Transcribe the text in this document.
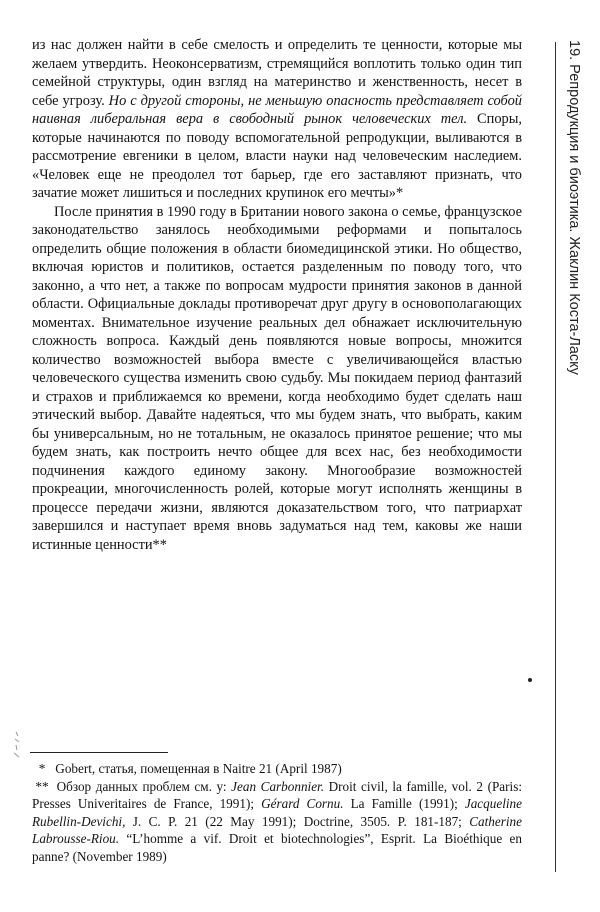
19. Репродукция и биоэтика. Жаклин Коста-Ласку

из нас должен найти в себе смелость и определить те ценности, которые мы желаем утвердить. Неоконсерватизм, стремящийся воплотить только один тип семейной структуры, один взгляд на материнство и женственность, несет в себе угрозу. Но с другой стороны, не меньшую опасность представляет собой наивная либеральная вера в свободный рынок человеческих тел. Споры, которые начинаются по поводу вспомогательной репродукции, выливаются в рассмотрение евгеники в целом, власти науки над человеческим наследием. «Человек еще не преодолел тот барьер, где его заставляют признать, что зачатие может лишиться и последних крупинок его мечты»*

После принятия в 1990 году в Британии нового закона о семье, французское законодательство занялось необходимыми реформами и попыталось определить общие положения в области биомедицинской этики. Но общество, включая юристов и политиков, остается разделенным по поводу того, что законно, а что нет, а также по вопросам мудрости принятия законов в данной области. Официальные доклады противоречат друг другу в основополагающих моментах. Внимательное изучение реальных дел обнажает исключительную сложность вопроса. Каждый день появляются новые вопросы, множится количество возможностей выбора вместе с увеличивающейся властью человеческого существа изменить свою судьбу. Мы покидаем период фантазий и страхов и приближаемся ко времени, когда необходимо будет сделать наш этический выбор. Давайте надеяться, что мы будем знать, что выбрать, каким бы универсальным, но не тотальным, не оказалось принятое решение; что мы будем знать, как построить нечто общее для всех нас, без необходимости подчинения каждого единому закону. Многообразие возможностей прокреации, многочисленность ролей, которые могут исполнять женщины в процессе передачи жизни, являются доказательством того, что патриархат завершился и наступает время вновь задуматься над тем, каковы же наши истинные ценности**

* Gobert, статья, помещенная в Naitre 21 (April 1987)

** Обзор данных проблем см. у: Jean Carbonnier. Droit civil, la famille, vol. 2 (Paris: Presses Univeritaires de France, 1991); Gérard Cornu. La Famille (1991); Jacqueline Rubellin-Devichi, J. C. P. 21 (22 May 1991); Doctrine, 3505. P. 181-187; Catherine Labrousse-Riou. “L’homme a vif. Droit et biotechnologies”, Esprit. La Bioéthique en panne? (November 1989)
